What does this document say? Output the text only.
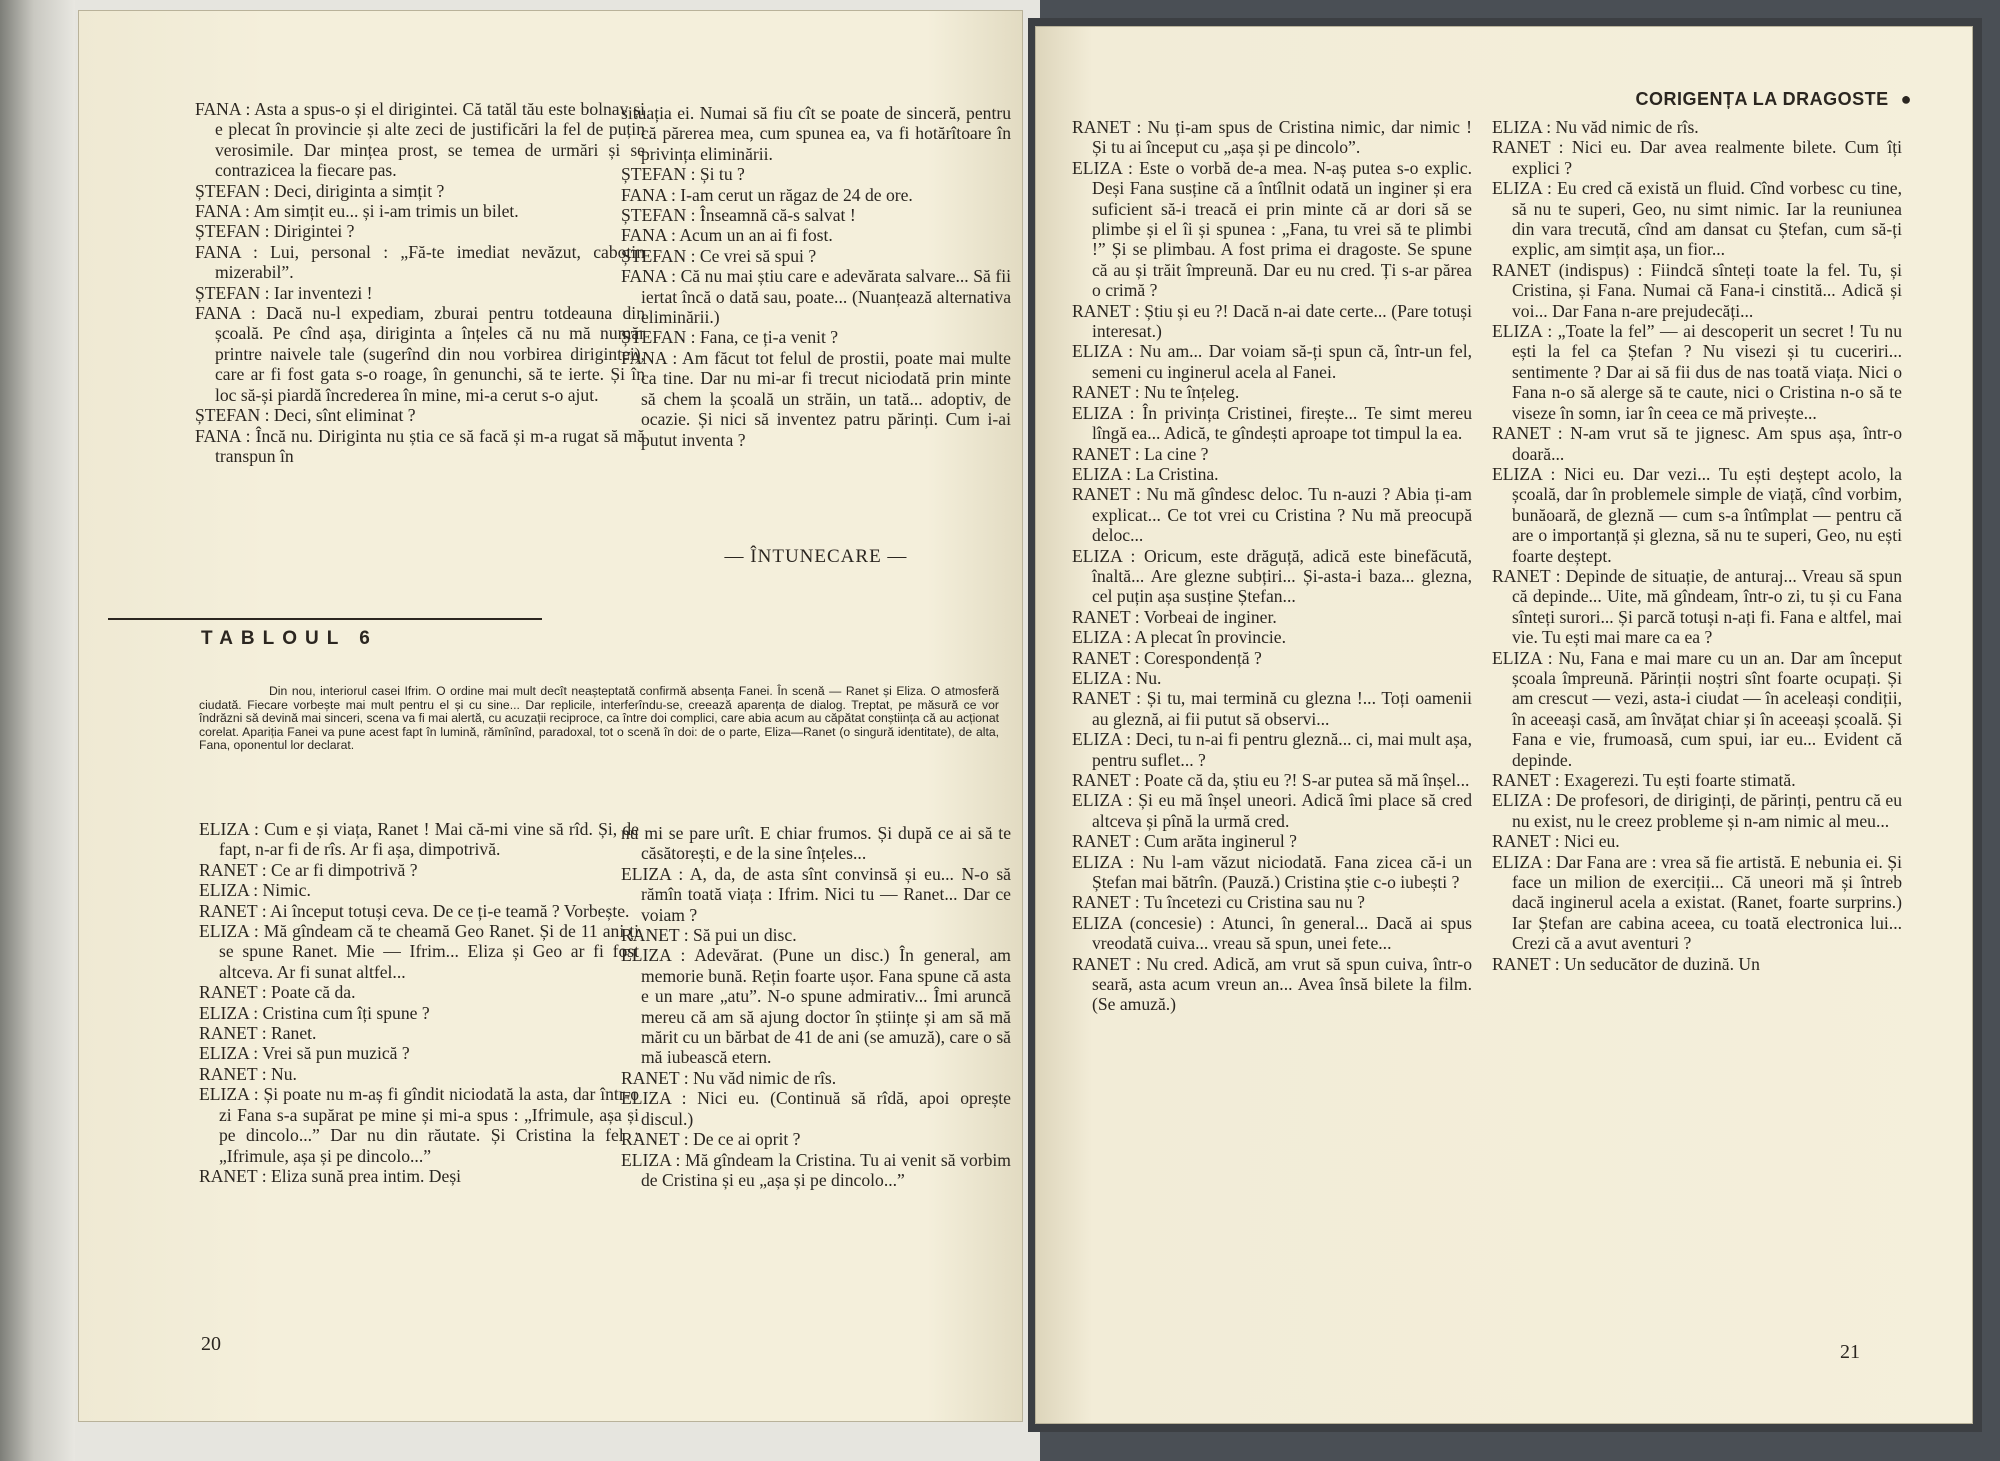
FANA : Asta a spus-o și el dirigintei. Că tatăl tău este bolnav și e plecat în provincie și alte zeci de justificări la fel de puțin verosimile. Dar mințea prost, se temea de urmări și se contrazicea la fiecare pas.

ȘTEFAN : Deci, diriginta a simțit ?

FANA : Am simțit eu... și i-am trimis un bilet.

ȘTEFAN : Dirigintei ?

FANA : Lui, personal : „Fă-te imediat nevăzut, cabotin mizerabil”.

ȘTEFAN : Iar inventezi !

FANA : Dacă nu-l expediam, zburai pentru totdeauna din școală. Pe cînd așa, diriginta a înțeles că nu mă număr printre naivele tale (sugerînd din nou vorbirea dirigintei), care ar fi fost gata s-o roage, în genunchi, să te ierte. Și în loc să-și piardă încrederea în mine, mi-a cerut s-o ajut.

ȘTEFAN : Deci, sînt eliminat ?

FANA : Încă nu. Diriginta nu știa ce să facă și m-a rugat să mă transpun în

situația ei. Numai să fiu cît se poate de sinceră, pentru că părerea mea, cum spunea ea, va fi hotărîtoare în privința eliminării.

ȘTEFAN : Și tu ?

FANA : I-am cerut un răgaz de 24 de ore.

ȘTEFAN : Înseamnă că-s salvat !

FANA : Acum un an ai fi fost.

ȘTEFAN : Ce vrei să spui ?

FANA : Că nu mai știu care e adevărata salvare... Să fii iertat încă o dată sau, poate... (Nuanțează alternativa eliminării.)

ȘTEFAN : Fana, ce ți-a venit ?

FANA : Am făcut tot felul de prostii, poate mai multe ca tine. Dar nu mi-ar fi trecut niciodată prin minte să chem la școală un străin, un tată... adoptiv, de ocazie. Și nici să inventez patru părinți. Cum i-ai putut inventa ?

— ÎNTUNECARE —

TABLOUL 6
Din nou, interiorul casei Ifrim. O ordine mai mult decît neașteptată confirmă absența Fanei. În scenă — Ranet și Eliza. O atmosferă ciudată. Fiecare vorbește mai mult pentru el și cu sine... Dar replicile, interferîndu-se, creează aparența de dialog. Treptat, pe măsură ce vor îndrăzni să devină mai sinceri, scena va fi mai alertă, cu acuzații reciproce, ca între doi complici, care abia acum au căpătat conștiința că au acționat corelat. Apariția Fanei va pune acest fapt în lumină, rămînînd, paradoxal, tot o scenă în doi: de o parte, Eliza—Ranet (o singură identitate), de alta, Fana, oponentul lor declarat.

ELIZA : Cum e și viața, Ranet ! Mai că-mi vine să rîd. Și, de fapt, n-ar fi de rîs. Ar fi așa, dimpotrivă.

RANET : Ce ar fi dimpotrivă ?

ELIZA : Nimic.

RANET : Ai început totuși ceva. De ce ți-e teamă ? Vorbește.

ELIZA : Mă gîndeam că te cheamă Geo Ranet. Și de 11 ani ți se spune Ranet. Mie — Ifrim... Eliza și Geo ar fi fost altceva. Ar fi sunat altfel...

RANET : Poate că da.

ELIZA : Cristina cum îți spune ?

RANET : Ranet.

ELIZA : Vrei să pun muzică ?

RANET : Nu.

ELIZA : Și poate nu m-aș fi gîndit niciodată la asta, dar într-o zi Fana s-a supărat pe mine și mi-a spus : „Ifrimule, așa și pe dincolo...” Dar nu din răutate. Și Cristina la fel : „Ifrimule, așa și pe dincolo...”

RANET : Eliza sună prea intim. Deși

nu mi se pare urît. E chiar frumos. Și după ce ai să te căsătorești, e de la sine înțeles...

ELIZA : A, da, de asta sînt convinsă și eu... N-o să rămîn toată viața : Ifrim. Nici tu — Ranet... Dar ce voiam ?

RANET : Să pui un disc.

ELIZA : Adevărat. (Pune un disc.) În general, am memorie bună. Rețin foarte ușor. Fana spune că asta e un mare „atu”. N-o spune admirativ... Îmi aruncă mereu că am să ajung doctor în științe și am să mă mărit cu un bărbat de 41 de ani (se amuză), care o să mă iubească etern.

RANET : Nu văd nimic de rîs.

ELIZA : Nici eu. (Continuă să rîdă, apoi oprește discul.)

RANET : De ce ai oprit ?

ELIZA : Mă gîndeam la Cristina. Tu ai venit să vorbim de Cristina și eu „așa și pe dincolo...”

20
CORIGENȚA LA DRAGOSTE ●

RANET : Nu ți-am spus de Cristina nimic, dar nimic ! Și tu ai început cu „așa și pe dincolo”.

ELIZA : Este o vorbă de-a mea. N-aș putea s-o explic. Deși Fana susține că a întîlnit odată un inginer și era suficient să-i treacă ei prin minte că ar dori să se plimbe și el îi și spunea : „Fana, tu vrei să te plimbi !” Și se plimbau. A fost prima ei dragoste. Se spune că au și trăit împreună. Dar eu nu cred. Ți s-ar părea o crimă ?

RANET : Știu și eu ?! Dacă n-ai date certe... (Pare totuși interesat.)

ELIZA : Nu am... Dar voiam să-ți spun că, într-un fel, semeni cu inginerul acela al Fanei.

RANET : Nu te înțeleg.

ELIZA : În privința Cristinei, firește... Te simt mereu lîngă ea... Adică, te gîndești aproape tot timpul la ea.

RANET : La cine ?

ELIZA : La Cristina.

RANET : Nu mă gîndesc deloc. Tu n-auzi ? Abia ți-am explicat... Ce tot vrei cu Cristina ? Nu mă preocupă deloc...

ELIZA : Oricum, este drăguță, adică este binefăcută, înaltă... Are glezne subțiri... Și-asta-i baza... glezna, cel puțin așa susține Ștefan...

RANET : Vorbeai de inginer.

ELIZA : A plecat în provincie.

RANET : Corespondență ?

ELIZA : Nu.

RANET : Și tu, mai termină cu glezna !... Toți oamenii au gleznă, ai fii putut să observi...

ELIZA : Deci, tu n-ai fi pentru gleznă... ci, mai mult așa, pentru suflet... ?

RANET : Poate că da, știu eu ?! S-ar putea să mă înșel...

ELIZA : Și eu mă înșel uneori. Adică îmi place să cred altceva și pînă la urmă cred.

RANET : Cum arăta inginerul ?

ELIZA : Nu l-am văzut niciodată. Fana zicea că-i un Ștefan mai bătrîn. (Pauză.) Cristina știe c-o iubești ?

RANET : Tu încetezi cu Cristina sau nu ?

ELIZA (concesie) : Atunci, în general... Dacă ai spus vreodată cuiva... vreau să spun, unei fete...

RANET : Nu cred. Adică, am vrut să spun cuiva, într-o seară, asta acum vreun an... Avea însă bilete la film. (Se amuză.)

ELIZA : Nu văd nimic de rîs.

RANET : Nici eu. Dar avea realmente bilete. Cum îți explici ?

ELIZA : Eu cred că există un fluid. Cînd vorbesc cu tine, să nu te superi, Geo, nu simt nimic. Iar la reuniunea din vara trecută, cînd am dansat cu Ștefan, cum să-ți explic, am simțit așa, un fior...

RANET (indispus) : Fiindcă sînteți toate la fel. Tu, și Cristina, și Fana. Numai că Fana-i cinstită... Adică și voi... Dar Fana n-are prejudecăți...

ELIZA : „Toate la fel” — ai descoperit un secret ! Tu nu ești la fel ca Ștefan ? Nu visezi și tu cuceriri... sentimente ? Dar ai să fii dus de nas toată viața. Nici o Fana n-o să alerge să te caute, nici o Cristina n-o să te viseze în somn, iar în ceea ce mă privește...

RANET : N-am vrut să te jignesc. Am spus așa, într-o doară...

ELIZA : Nici eu. Dar vezi... Tu ești deștept acolo, la școală, dar în problemele simple de viață, cînd vorbim, bunăoară, de gleznă — cum s-a întîmplat — pentru că are o importanță și glezna, să nu te superi, Geo, nu ești foarte deștept.

RANET : Depinde de situație, de anturaj... Vreau să spun că depinde... Uite, mă gîndeam, într-o zi, tu și cu Fana sînteți surori... Și parcă totuși n-ați fi. Fana e altfel, mai vie. Tu ești mai mare ca ea ?

ELIZA : Nu, Fana e mai mare cu un an. Dar am început școala împreună. Părinții noștri sînt foarte ocupați. Și am crescut — vezi, asta-i ciudat — în aceleași condiții, în aceeași casă, am învățat chiar și în aceeași școală. Și Fana e vie, frumoasă, cum spui, iar eu... Evident că depinde.

RANET : Exagerezi. Tu ești foarte stimată.

ELIZA : De profesori, de diriginți, de părinți, pentru că eu nu exist, nu le creez probleme și n-am nimic al meu...

RANET : Nici eu.

ELIZA : Dar Fana are : vrea să fie artistă. E nebunia ei. Și face un milion de exerciții... Că uneori mă și întreb dacă inginerul acela a existat. (Ranet, foarte surprins.) Iar Ștefan are cabina aceea, cu toată electronica lui... Crezi că a avut aventuri ?

RANET : Un seducător de duzină. Un

21
